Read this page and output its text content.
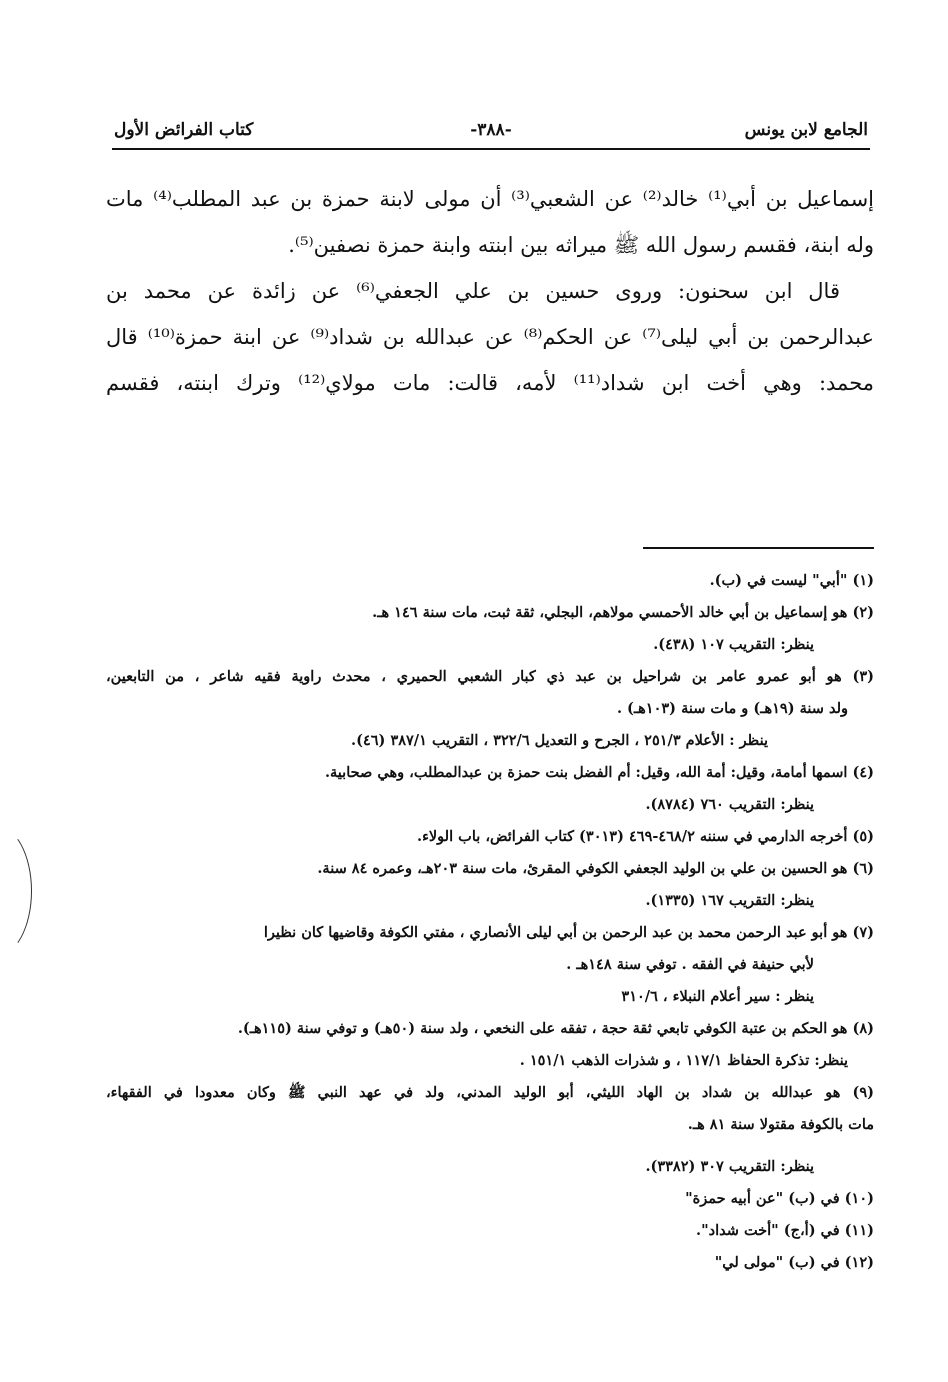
الجامع لابن يونس
-٣٨٨-
كتاب الفرائض الأول
إسماعيل بن أبي⁽¹⁾ خالد⁽²⁾ عن الشعبي⁽³⁾ أن مولى لابنة حمزة بن عبد المطلب⁽⁴⁾ مات
وله ابنة، فقسم رسول الله ﷺ ميراثه بين ابنته وابنة حمزة نصفين⁽⁵⁾.
قال ابن سحنون: وروى حسين بن علي الجعفي⁽⁶⁾ عن زائدة عن محمد بن
عبدالرحمن بن أبي ليلى⁽⁷⁾ عن الحكم⁽⁸⁾ عن عبدالله بن شداد⁽⁹⁾ عن ابنة حمزة⁽¹⁰⁾ قال
محمد: وهي أخت ابن شداد⁽¹¹⁾ لأمه، قالت: مات مولاي⁽¹²⁾ وترك ابنته، فقسم
(١) "أبي" ليست في (ب).
(٢) هو إسماعيل بن أبي خالد الأحمسي مولاهم، البجلي، ثقة ثبت، مات سنة ١٤٦ هـ.
ينظر: التقريب ١٠٧ (٤٣٨).
(٣) هو أبو عمرو عامر بن شراحيل بن عبد ذي كبار الشعبي الحميري ، محدث راوية فقيه شاعر ، من التابعين،
ولد سنة (١٩هـ) و مات سنة (١٠٣هـ) .
ينظر : الأعلام ٢٥١/٣ ، الجرح و التعديل ٣٢٢/٦ ، التقريب ٣٨٧/١ (٤٦).
(٤) اسمها أمامة، وقيل: أمة الله، وقيل: أم الفضل بنت حمزة بن عبدالمطلب، وهي صحابية.
ينظر: التقريب ٧٦٠ (٨٧٨٤).
(٥) أخرجه الدارمي في سننه ٤٦٨/٢-٤٦٩ (٣٠١٣) كتاب الفرائض، باب الولاء.
(٦) هو الحسين بن علي بن الوليد الجعفي الكوفي المقرئ، مات سنة ٢٠٣هـ، وعمره ٨٤ سنة.
ينظر: التقريب ١٦٧ (١٣٣٥).
(٧) هو أبو عبد الرحمن محمد بن عبد الرحمن بن أبي ليلى الأنصاري ، مفتي الكوفة وقاضيها كان نظيرا
لأبي حنيفة في الفقه . توفي سنة ١٤٨هـ .
ينظر : سير أعلام النبلاء ، ٣١٠/٦
(٨) هو الحكم بن عتبة الكوفي تابعي ثقة حجة ، تفقه على النخعي ، ولد سنة (٥٠هـ) و توفي سنة (١١٥هـ).
ينظر: تذكرة الحفاظ ١١٧/١ ، و شذرات الذهب ١٥١/١ .
(٩) هو عبدالله بن شداد بن الهاد الليثي، أبو الوليد المدني، ولد في عهد النبي ﷺ وكان معدودا في الفقهاء،
مات بالكوفة مقتولا سنة ٨١ هـ.
ينظر: التقريب ٣٠٧ (٣٣٨٢).
(١٠) في (ب) "عن أبيه حمزة"
(١١) في (أ،ج) "أخت شداد".
(١٢) في (ب) "مولى لي"
